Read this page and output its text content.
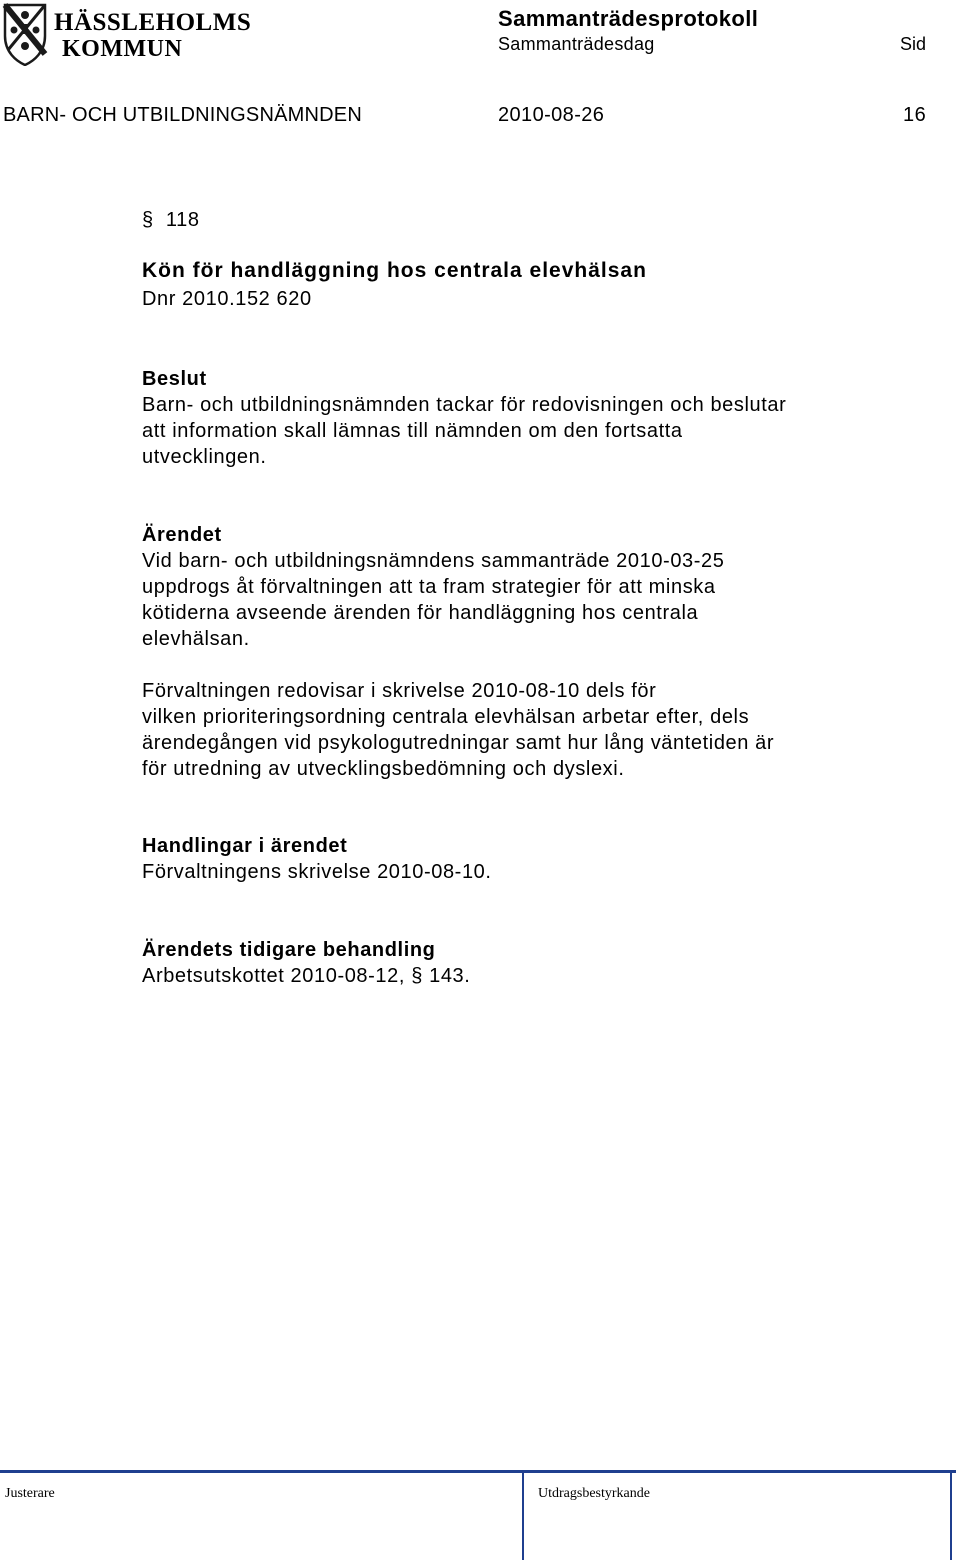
HÄSSLEHOLMS
KOMMUN
Sammanträdesprotokoll
Sammanträdesdag	Sid
BARN- OCH UTBILDNINGSNÄMNDEN	2010-08-26	16
§ 118
Kön för handläggning hos centrala elevhälsan
Dnr 2010.152 620
Beslut
Barn- och utbildningsnämnden tackar för redovisningen och beslutar
att information skall lämnas till nämnden om den fortsatta
utvecklingen.
Ärendet
Vid barn- och utbildningsnämndens sammanträde 2010-03-25
uppdrogs åt förvaltningen att ta fram strategier för att minska
kötiderna avseende ärenden för handläggning hos centrala
elevhälsan.
Förvaltningen redovisar i skrivelse 2010-08-10 dels för
vilken prioriteringsordning centrala elevhälsan arbetar efter, dels
ärendegången vid psykologutredningar samt hur lång väntetiden är
för utredning av utvecklingsbedömning och dyslexi.
Handlingar i ärendet
Förvaltningens skrivelse 2010-08-10.
Ärendets tidigare behandling
Arbetsutskottet 2010-08-12, § 143.
Justerare	Utdragsbestyrkande
